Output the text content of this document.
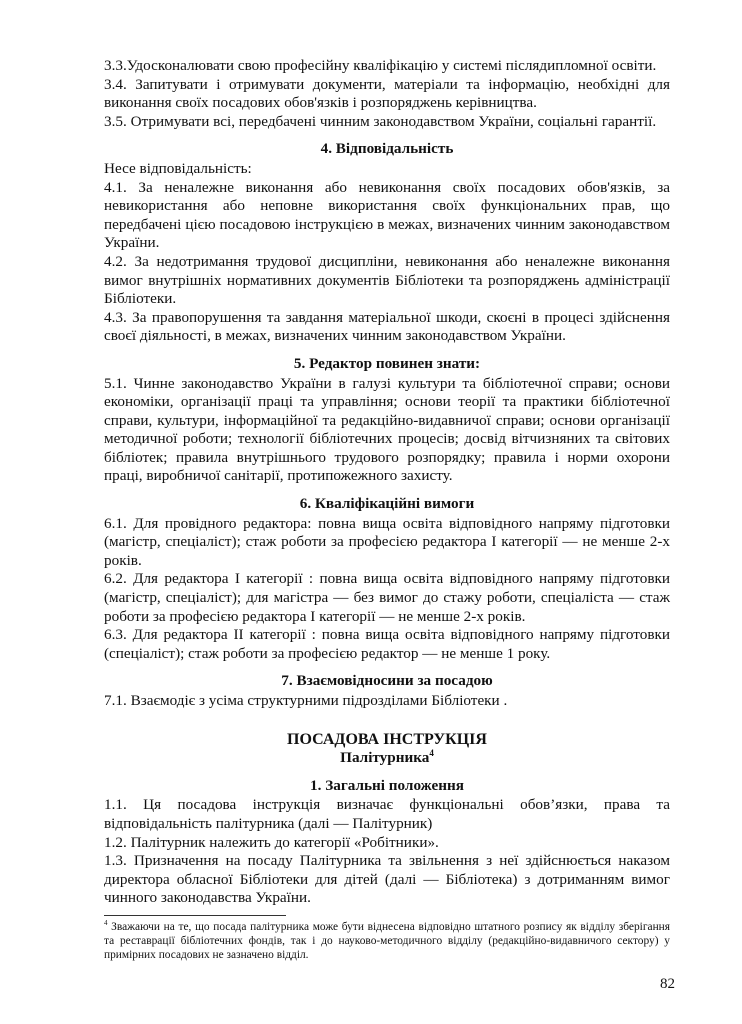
3.3.Удосконалювати свою професійну кваліфікацію у системі післядипломної освіти.

3.4. Запитувати і отримувати документи, матеріали та інформацію, необхідні для виконання своїх посадових обов'язків і розпоряджень керівництва.

3.5. Отримувати всі, передбачені чинним законодавством України, соціальні гарантії.

4. Відповідальність

Несе відповідальність:

4.1. За неналежне виконання або невиконання своїх посадових обов'язків, за невикористання або неповне використання своїх функціональних прав, що передбачені цією посадовою інструкцією в межах, визначених чинним законодавством України.

4.2. За недотримання трудової дисципліни, невиконання або неналежне виконання вимог внутрішніх нормативних документів Бібліотеки та розпоряджень адміністрації Бібліотеки.

4.3. За правопорушення та завдання матеріальної шкоди, скоєні в процесі здійснення своєї діяльності, в межах, визначених чинним законодавством України.

5. Редактор повинен знати:

5.1. Чинне законодавство України в галузі культури та бібліотечної справи; основи економіки, організації праці та управління; основи теорії та практики бібліотечної справи, культури, інформаційної та редакційно-видавничої справи; основи організації методичної роботи; технології бібліотечних процесів; досвід вітчизняних та світових бібліотек; правила внутрішнього трудового розпорядку; правила і норми охорони праці, виробничої санітарії, протипожежного захисту.

6. Кваліфікаційні вимоги

6.1. Для провідного редактора: повна вища освіта відповідного напряму підготовки (магістр, спеціаліст); стаж роботи за професією редактора I категорії — не менше 2-х років.

6.2. Для редактора I категорії : повна вища освіта відповідного напряму підготовки (магістр, спеціаліст); для магістра — без вимог до стажу роботи, спеціаліста — стаж роботи за професією редактора I категорії — не менше 2-х років.

6.3. Для редактора II категорії : повна вища освіта відповідного напряму підготовки (спеціаліст); стаж роботи за професією редактор — не менше 1 року.

7. Взаємовідносини за посадою

7.1. Взаємодіє з усіма структурними підрозділами Бібліотеки .

ПОСАДОВА ІНСТРУКЦІЯ

Палітурника$^4$

1. Загальні положення

1.1. Ця посадова інструкція визначає функціональні обов’язки, права та відповідальність палітурника (далі — Палітурник)

1.2. Палітурник належить до категорії «Робітники».

1.3. Призначення на посаду Палітурника та звільнення з неї здійснюється наказом директора обласної Бібліотеки для дітей (далі — Бібліотека) з дотриманням вимог чинного законодавства України.

$^4$ Зважаючи на те, що посада палітурника може бути віднесена відповідно штатного розпису як відділу зберігання та реставрації бібліотечних фондів, так і до науково-методичного відділу (редакційно-видавничого сектору) у примірних посадових не зазначено відділ.
82
